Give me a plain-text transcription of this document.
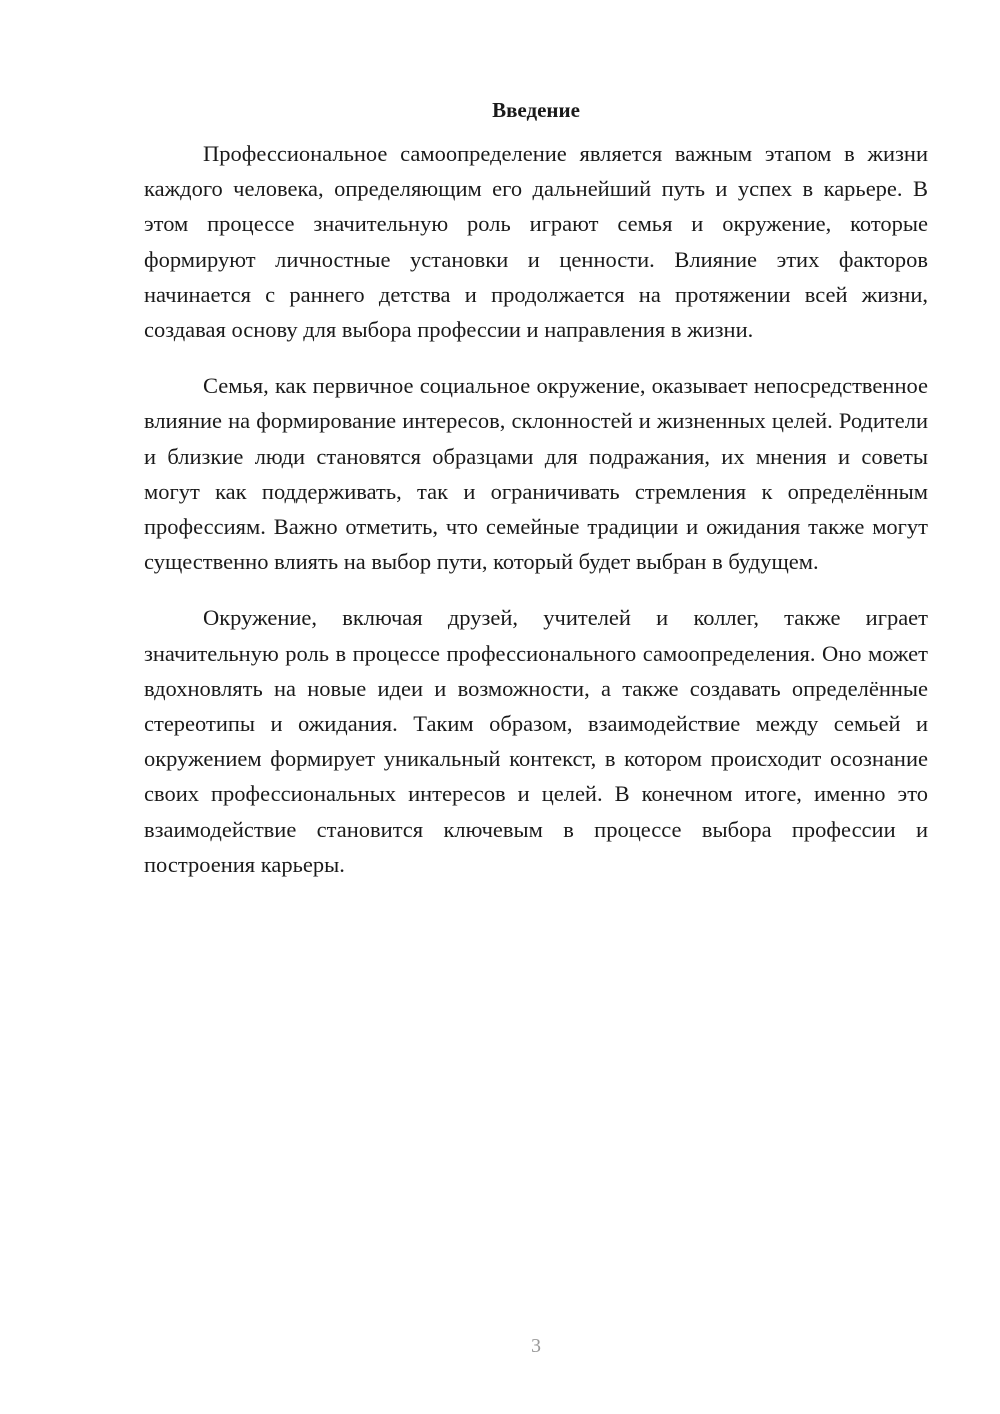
Введение

Профессиональное самоопределение является важным этапом в жизни каждого человека, определяющим его дальнейший путь и успех в карьере. В этом процессе значительную роль играют семья и окружение, которые формируют личностные установки и ценности. Влияние этих факторов начинается с раннего детства и продолжается на протяжении всей жизни, создавая основу для выбора профессии и направления в жизни.

Семья, как первичное социальное окружение, оказывает непосредственное влияние на формирование интересов, склонностей и жизненных целей. Родители и близкие люди становятся образцами для подражания, их мнения и советы могут как поддерживать, так и ограничивать стремления к определённым профессиям. Важно отметить, что семейные традиции и ожидания также могут существенно влиять на выбор пути, который будет выбран в будущем.

Окружение, включая друзей, учителей и коллег, также играет значительную роль в процессе профессионального самоопределения. Оно может вдохновлять на новые идеи и возможности, а также создавать определённые стереотипы и ожидания. Таким образом, взаимодействие между семьей и окружением формирует уникальный контекст, в котором происходит осознание своих профессиональных интересов и целей. В конечном итоге, именно это взаимодействие становится ключевым в процессе выбора профессии и построения карьеры.

3
